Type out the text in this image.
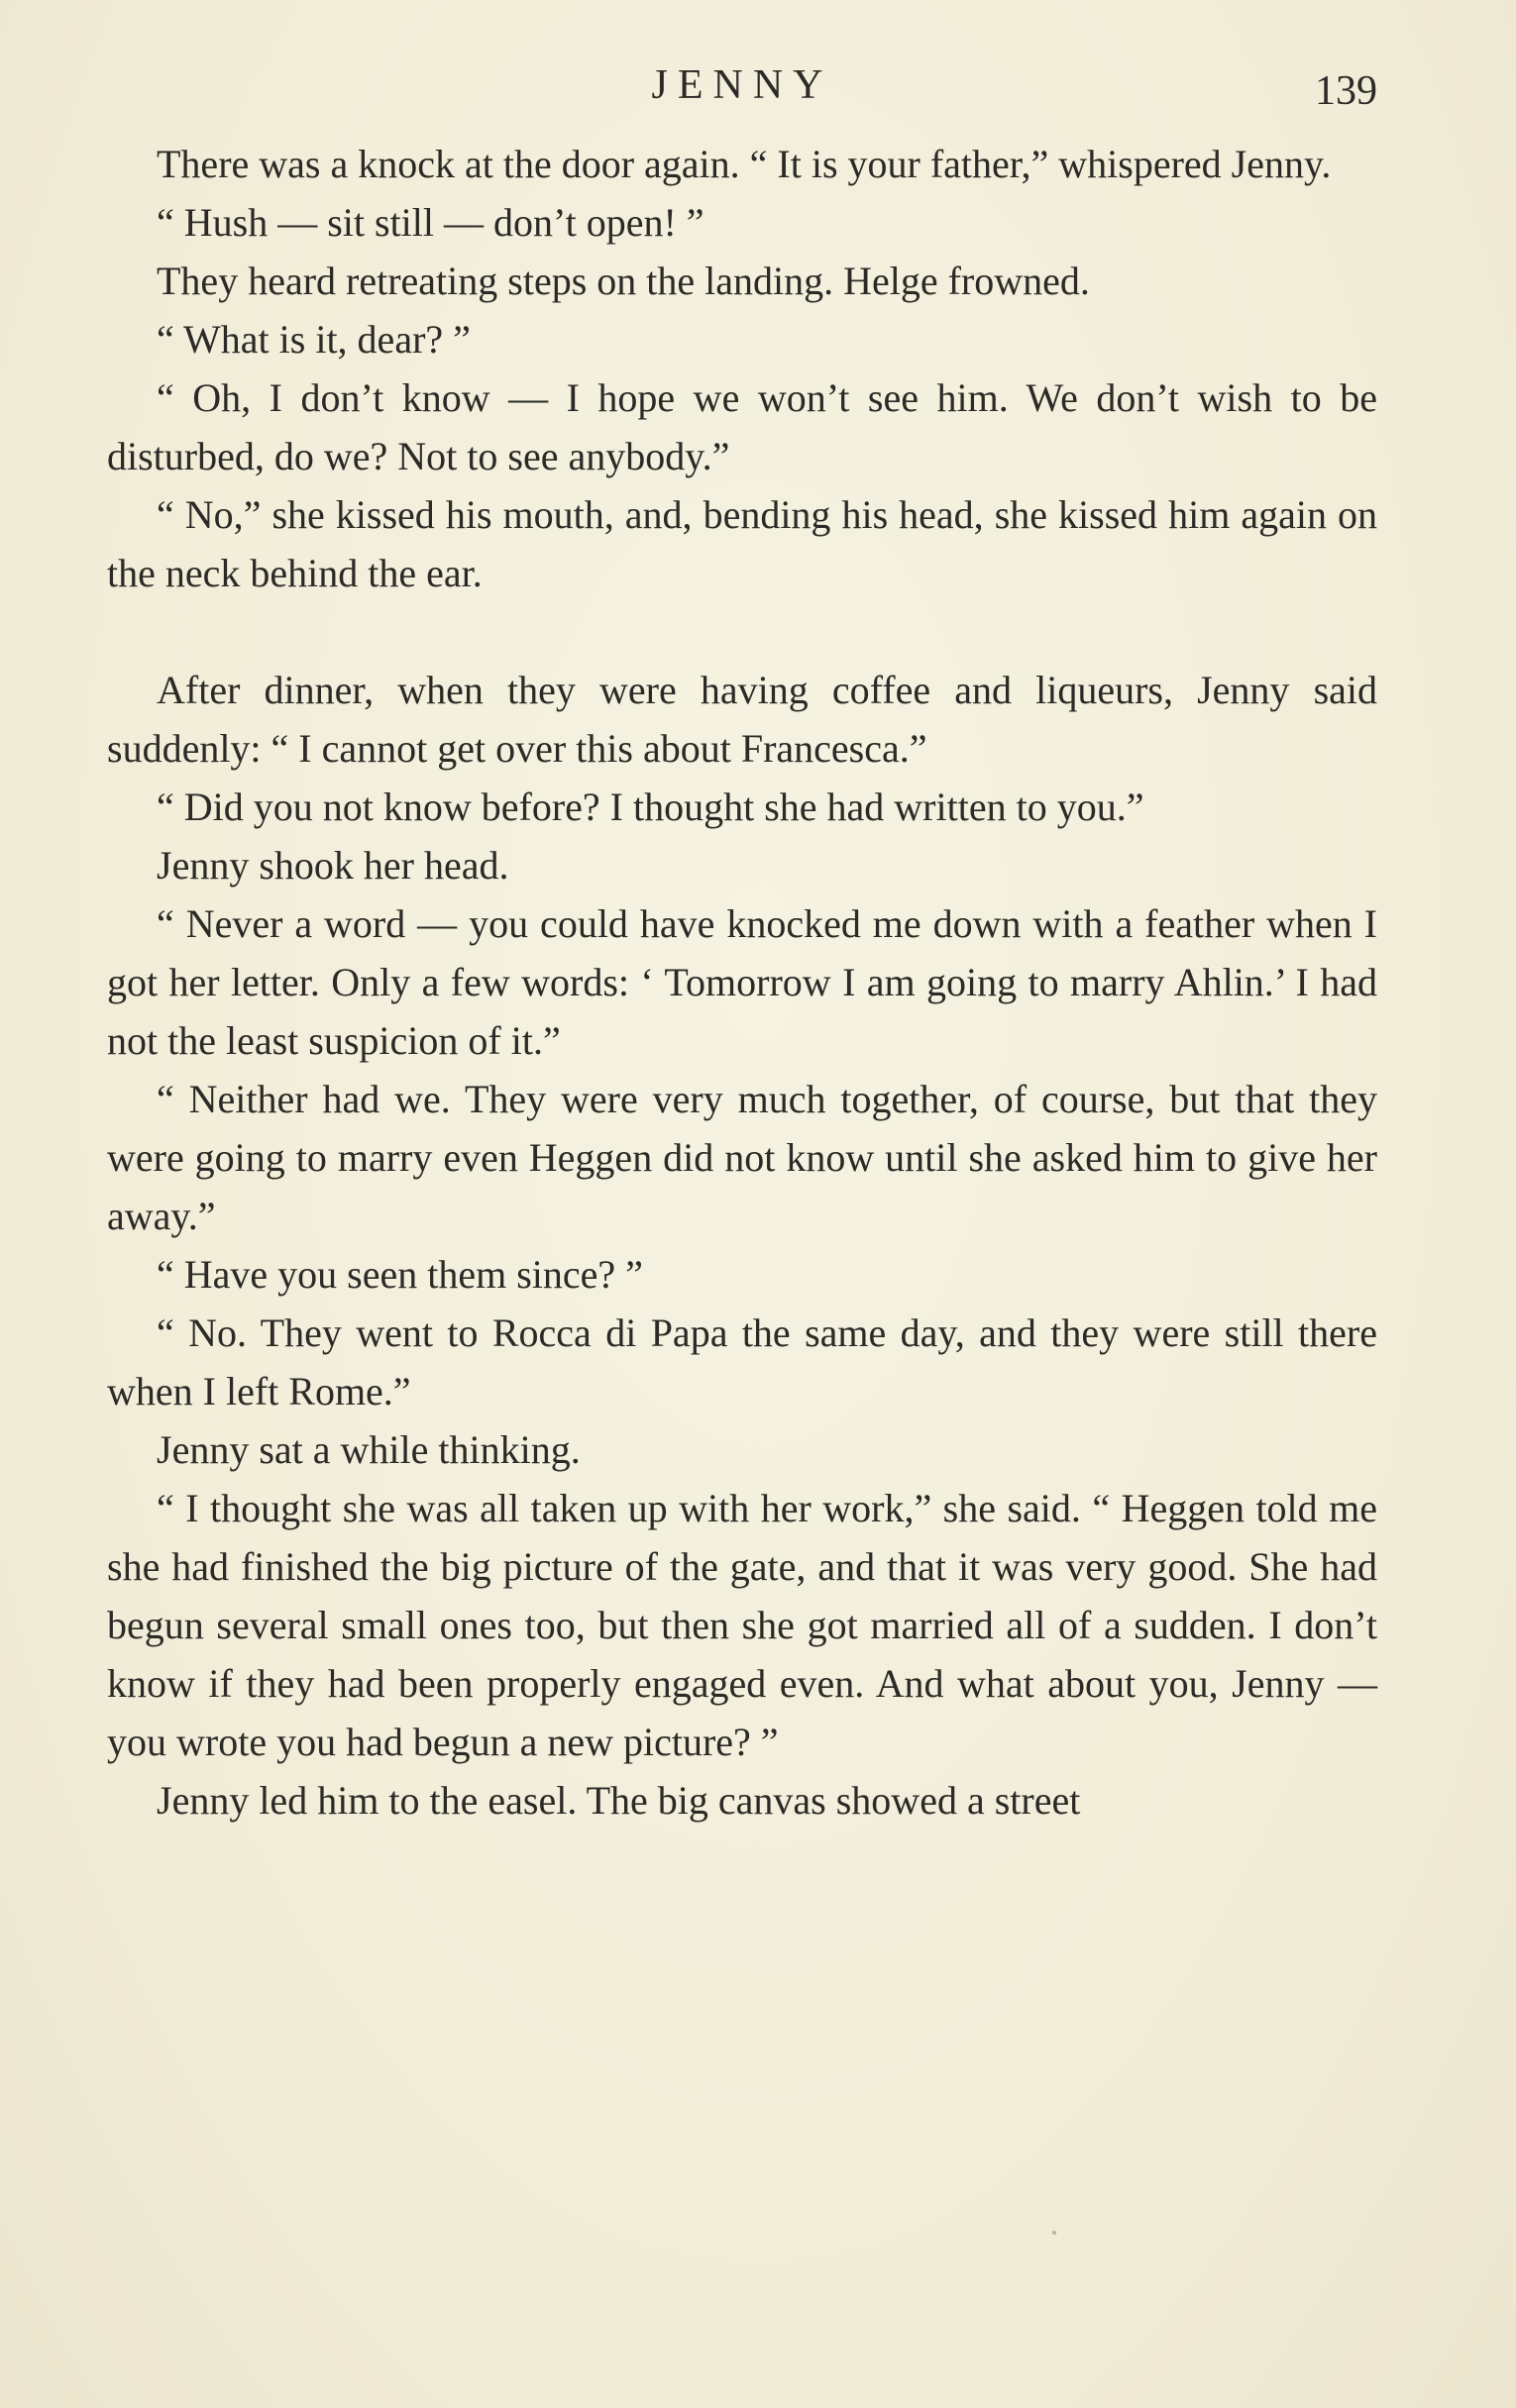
JENNY	139

There was a knock at the door again. “ It is your father,” whispered Jenny.

“ Hush — sit still — don’t open! ”

They heard retreating steps on the landing. Helge frowned.

“ What is it, dear? ”

“ Oh, I don’t know — I hope we won’t see him. We don’t wish to be disturbed, do we? Not to see anybody.”

“ No,” she kissed his mouth, and, bending his head, she kissed him again on the neck behind the ear.

After dinner, when they were having coffee and liqueurs, Jenny said suddenly: “ I cannot get over this about Francesca.”

“ Did you not know before? I thought she had written to you.”

Jenny shook her head.

“ Never a word — you could have knocked me down with a feather when I got her letter. Only a few words: ‘ Tomorrow I am going to marry Ahlin.’ I had not the least suspicion of it.”

“ Neither had we. They were very much together, of course, but that they were going to marry even Heggen did not know until she asked him to give her away.”

“ Have you seen them since? ”

“ No. They went to Rocca di Papa the same day, and they were still there when I left Rome.”

Jenny sat a while thinking.

“ I thought she was all taken up with her work,” she said. “ Heggen told me she had finished the big picture of the gate, and that it was very good. She had begun several small ones too, but then she got married all of a sudden. I don’t know if they had been properly engaged even. And what about you, Jenny — you wrote you had begun a new picture? ”

Jenny led him to the easel. The big canvas showed a street
